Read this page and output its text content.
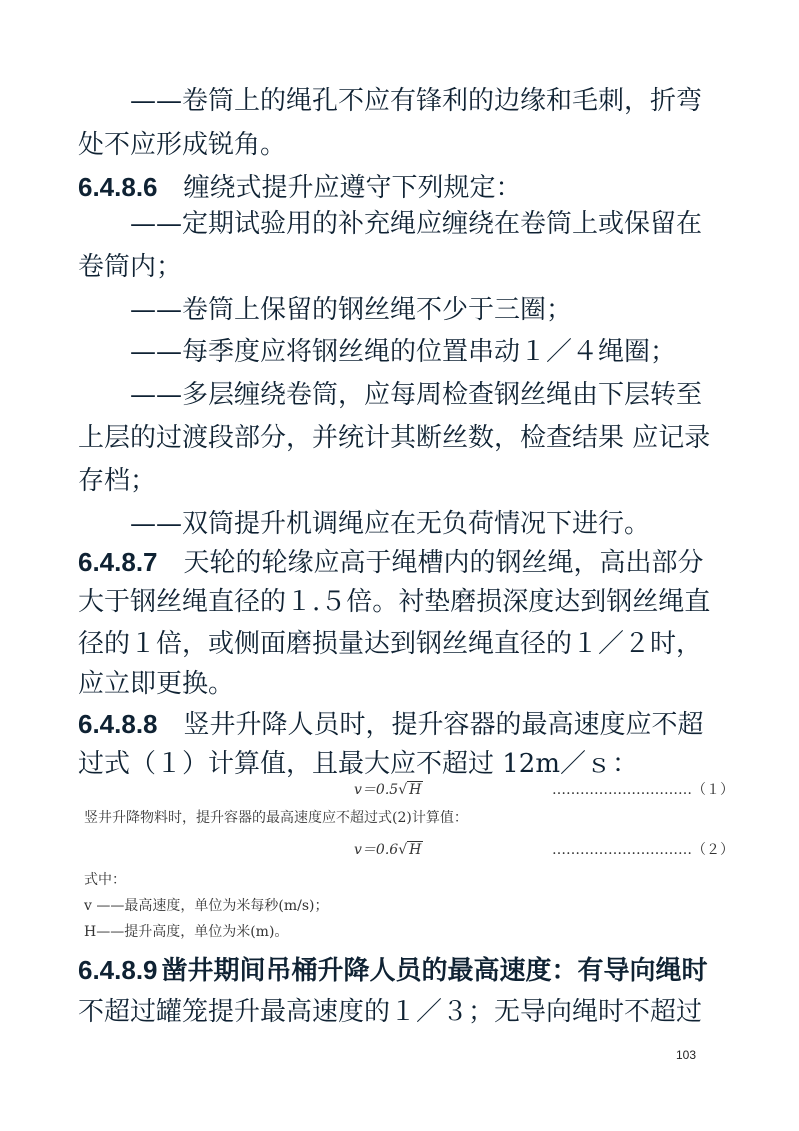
——卷筒上的绳孔不应有锋利的边缘和毛刺，折弯
处不应形成锐角。
6.4.8.6 缠绕式提升应遵守下列规定：
——定期试验用的补充绳应缠绕在卷筒上或保留在
卷筒内；
——卷筒上保留的钢丝绳不少于三圈；
——每季度应将钢丝绳的位置串动１／４绳圈；
——多层缠绕卷筒，应每周检查钢丝绳由下层转至
上层的过渡段部分，并统计其断丝数，检查结果 应记录
存档；
——双筒提升机调绳应在无负荷情况下进行。
6.4.8.7 天轮的轮缘应高于绳槽内的钢丝绳，高出部分
大于钢丝绳直径的１.５倍。衬垫磨损深度达到钢丝绳直
径的１倍，或侧面磨损量达到钢丝绳直径的１／２时，
应立即更换。
6.4.8.8 竖井升降人员时，提升容器的最高速度应不超
过式（１）计算值，且最大应不超过 12m／ｓ：
v＝0.5√ H	…………………………（１）
竖井升降物料时，提升容器的最高速度应不超过式(2)计算值：
v＝0.6√ H	…………………………（２）
式中：
v ——最高速度，单位为米每秒(m/s)；
H——提升高度，单位为米(m)。
6.4.8.9 凿井期间吊桶升降人员的最高速度：有导向绳时
不超过罐笼提升最高速度的１／３；无导向绳时不超过
103
